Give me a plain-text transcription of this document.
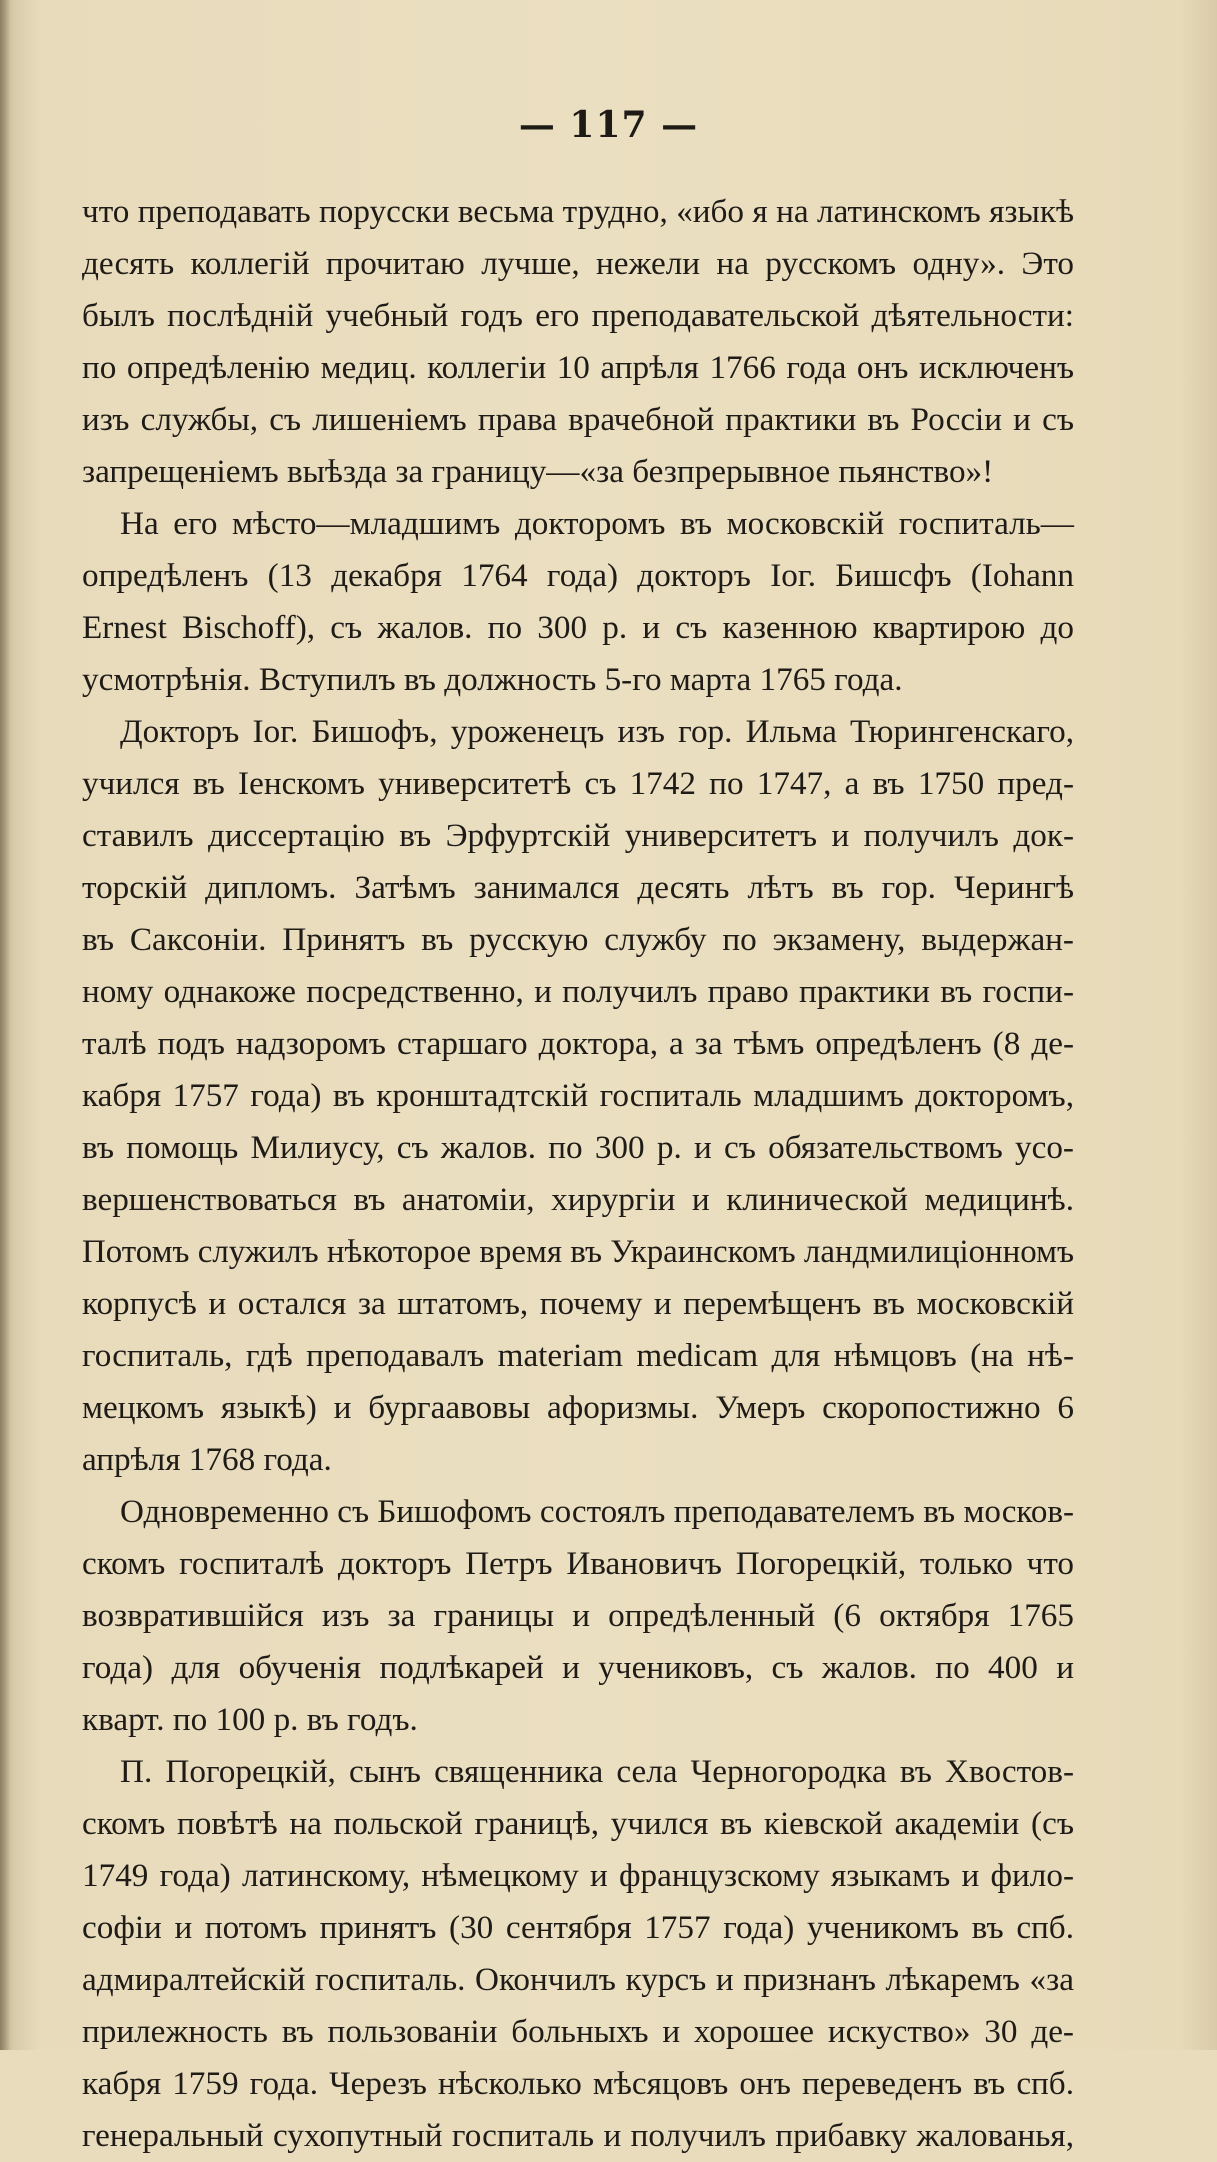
— 117 —
что преподавать порусски весьма трудно, «ибо я на латинскомъ языкѣ
десять коллегій прочитаю лучше, нежели на русскомъ одну». Это
былъ послѣдній учебный годъ его преподавательской дѣятельности:
по опредѣленію медиц. коллегіи 10 апрѣля 1766 года онъ исключенъ
изъ службы, съ лишеніемъ права врачебной практики въ Россіи и съ
запрещеніемъ выѣзда за границу—«за безпрерывное пьянство»!
На его мѣсто—младшимъ докторомъ въ московскій госпиталь—
опредѣленъ (13 декабря 1764 года) докторъ Іог. Бишсфъ (Iohann
Ernest Bischoff), съ жалов. по 300 р. и съ казенною квартирою до
усмотрѣнія. Вступилъ въ должность 5-го марта 1765 года.
Докторъ Іог. Бишофъ, уроженецъ изъ гор. Ильма Тюрингенскаго,
учился въ Іенскомъ университетѣ съ 1742 по 1747, а въ 1750 пред-
ставилъ диссертацію въ Эрфуртскій университетъ и получилъ док-
торскій дипломъ. Затѣмъ занимался десять лѣтъ въ гор. Черингѣ
въ Саксоніи. Принятъ въ русскую службу по экзамену, выдержан-
ному однакоже посредственно, и получилъ право практики въ госпи-
талѣ подъ надзоромъ старшаго доктора, а за тѣмъ опредѣленъ (8 де-
кабря 1757 года) въ кронштадтскій госпиталь младшимъ докторомъ,
въ помощь Милиусу, съ жалов. по 300 р. и съ обязательствомъ усо-
вершенствоваться въ анатоміи, хирургіи и клинической медицинѣ.
Потомъ служилъ нѣкоторое время въ Украинскомъ ландмилиціонномъ
корпусѣ и остался за штатомъ, почему и перемѣщенъ въ московскій
госпиталь, гдѣ преподавалъ materiam medicam для нѣмцовъ (на нѣ-
мецкомъ языкѣ) и бургаавовы афоризмы. Умеръ скоропостижно 6
апрѣля 1768 года.
Одновременно съ Бишофомъ состоялъ преподавателемъ въ москов-
скомъ госпиталѣ докторъ Петръ Ивановичъ Погорецкій, только что
возвратившійся изъ за границы и опредѣленный (6 октября 1765
года) для обученія подлѣкарей и учениковъ, съ жалов. по 400 и
кварт. по 100 р. въ годъ.
П. Погорецкій, сынъ священника села Черногородка въ Хвостов-
скомъ повѣтѣ на польской границѣ, учился въ кіевской академіи (съ
1749 года) латинскому, нѣмецкому и французскому языкамъ и фило-
софіи и потомъ принятъ (30 сентября 1757 года) ученикомъ въ спб.
адмиралтейскій госпиталь. Окончилъ курсъ и признанъ лѣкаремъ «за
прилежность въ пользованіи больныхъ и хорошее искуство» 30 де-
кабря 1759 года. Черезъ нѣсколько мѣсяцовъ онъ переведенъ въ спб.
генеральный сухопутный госпиталь и получилъ прибавку жалованья,
